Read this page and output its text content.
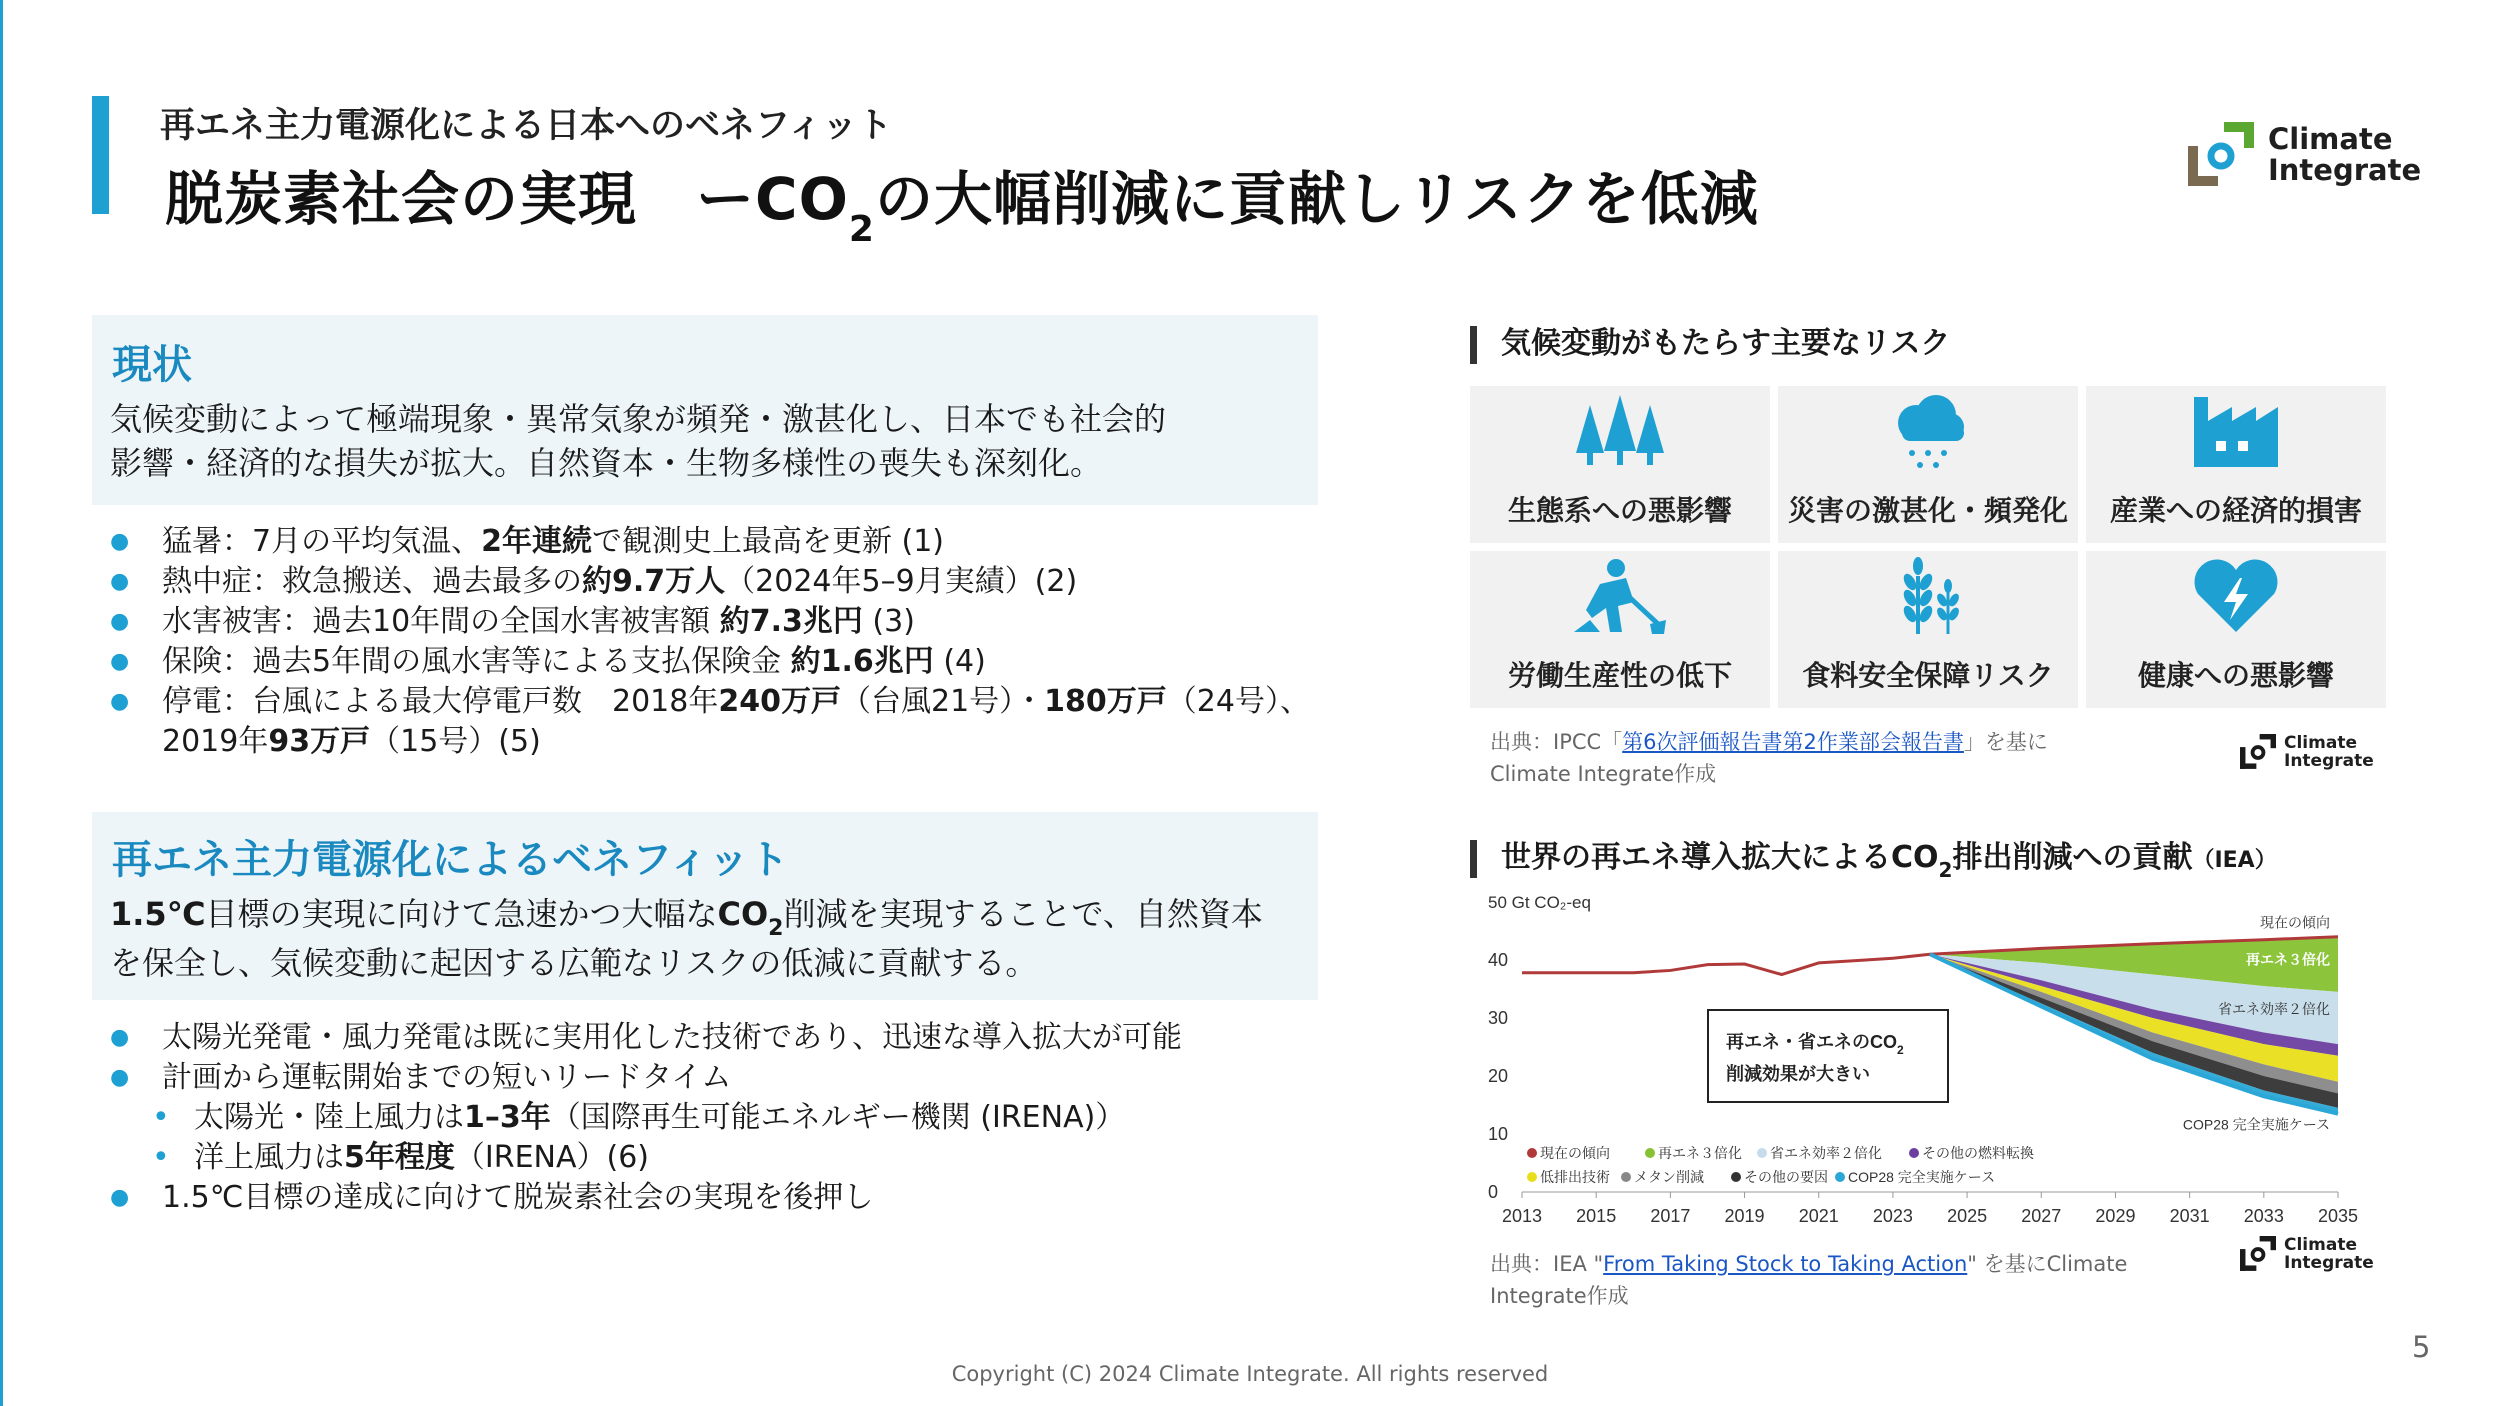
再エネ主力電源化による日本へのベネフィット
脱炭素社会の実現　ー$CO_2$の大幅削減に貢献しリスクを低減
Climate
Integrate
現状
気候変動によって極端現象・異常気象が頻発・激甚化し、日本でも社会的
影響・経済的な損失が拡大。自然資本・生物多様性の喪失も深刻化。
● 猛暑：7月の平均気温、2年連続で観測史上最高を更新 (1)
● 熱中症：救急搬送、過去最多の約9.7万人（2024年5–9月実績）(2)
● 水害被害：過去10年間の全国水害被害額 約7.3兆円 (3)
● 保険：過去5年間の風水害等による支払保険金 約1.6兆円 (4)
● 停電：台風による最大停電戸数　2018年240万戸（台風21号）・180万戸（24号）、
2019年93万戸（15号）(5)
再エネ主力電源化によるベネフィット
1.5℃目標の実現に向けて急速かつ大幅な$CO_2$削減を実現することで、自然資本
を保全し、気候変動に起因する広範なリスクの低減に貢献する。
● 太陽光発電・風力発電は既に実用化した技術であり、迅速な導入拡大が可能
● 計画から運転開始までの短いリードタイム
• 太陽光・陸上風力は1–3年（国際再生可能エネルギー機関 (IRENA)）
• 洋上風力は5年程度（IRENA）(6)
● 1.5℃目標の達成に向けて脱炭素社会の実現を後押し
気候変動がもたらす主要なリスク
生態系への悪影響 災害の激甚化・頻発化 産業への経済的損害
労働生産性の低下	食料安全保障リスク	健康への悪影響
出典：IPCC「第6次評価報告書第2作業部会報告書」を基に
Climate Integrate作成
Climate
Integrate
世界の再エネ導入拡大による$CO_2$排出削減への貢献（IEA）
0
10
20
30
40
50 Gt CO₂-eq
2013 2015 2017 2019 2021 2023 2025 2027 2029 2031 2033 2035
現在の傾向
再エネ３倍化
省エネ効率２倍化
COP28 完全実施ケース
再エネ・省エネの$CO_2$
削減効果が大きい
現在の傾向	再エネ３倍化 省エネ効率２倍化	その他の燃料転換
低排出技術 メタン削減	その他の要因 COP28 完全実施ケース
出典：IEA "From Taking Stock to Taking Action" を基にClimate
Integrate作成
Climate
Integrate
Copyright (C) 2024 Climate Integrate. All rights reserved
5
